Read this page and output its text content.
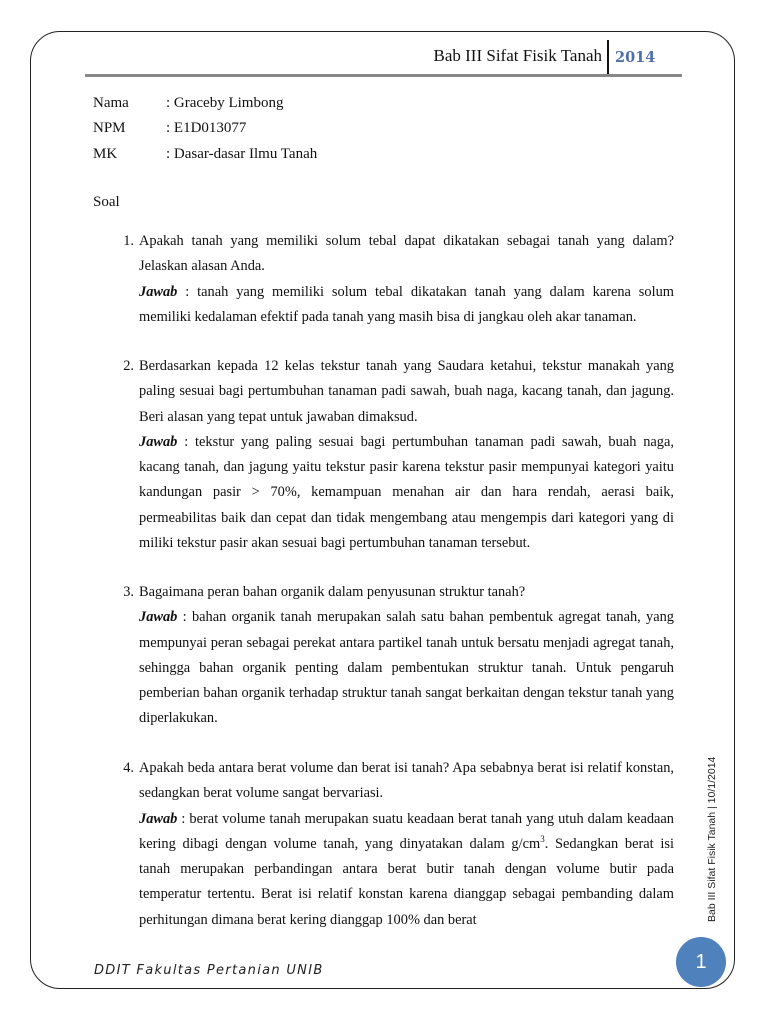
Bab III Sifat Fisik Tanah 2014
Nama : Graceby Limbong
NPM	: E1D013077
MK	: Dasar-dasar Ilmu Tanah
Soal
1. Apakah tanah yang memiliki solum tebal dapat dikatakan sebagai tanah yang dalam? Jelaskan alasan Anda.

Jawab : tanah yang memiliki solum tebal dikatakan tanah yang dalam karena solum memiliki kedalaman efektif pada tanah yang masih bisa di jangkau oleh akar tanaman.

2. Berdasarkan kepada 12 kelas tekstur tanah yang Saudara ketahui, tekstur manakah yang paling sesuai bagi pertumbuhan tanaman padi sawah, buah naga, kacang tanah, dan jagung. Beri alasan yang tepat untuk jawaban dimaksud.

Jawab : tekstur yang paling sesuai bagi pertumbuhan tanaman padi sawah, buah naga, kacang tanah, dan jagung yaitu tekstur pasir karena tekstur pasir mempunyai kategori yaitu kandungan pasir > 70%, kemampuan menahan air dan hara rendah, aerasi baik, permeabilitas baik dan cepat dan tidak mengembang atau mengempis dari kategori yang di miliki tekstur pasir akan sesuai bagi pertumbuhan tanaman tersebut.

3. Bagaimana peran bahan organik dalam penyusunan struktur tanah?

Jawab : bahan organik tanah merupakan salah satu bahan pembentuk agregat tanah, yang mempunyai peran sebagai perekat antara partikel tanah untuk bersatu menjadi agregat tanah, sehingga bahan organik penting dalam pembentukan struktur tanah. Untuk pengaruh pemberian bahan organik terhadap struktur tanah sangat berkaitan dengan tekstur tanah yang diperlakukan.

4. Apakah beda antara berat volume dan berat isi tanah? Apa sebabnya berat isi relatif konstan, sedangkan berat volume sangat bervariasi.

Jawab : berat volume tanah merupakan suatu keadaan berat tanah yang utuh dalam keadaan kering dibagi dengan volume tanah, yang dinyatakan dalam $g/cm^3$. Sedangkan berat isi tanah merupakan perbandingan antara berat butir tanah dengan volume butir pada temperatur tertentu. Berat isi relatif konstan karena dianggap sebagai pembanding dalam perhitungan dimana berat kering dianggap 100% dan berat	Bab III Sifat Fisik Tanah | 10/1/2014
DDIT Fakultas Pertanian UNIB	1
